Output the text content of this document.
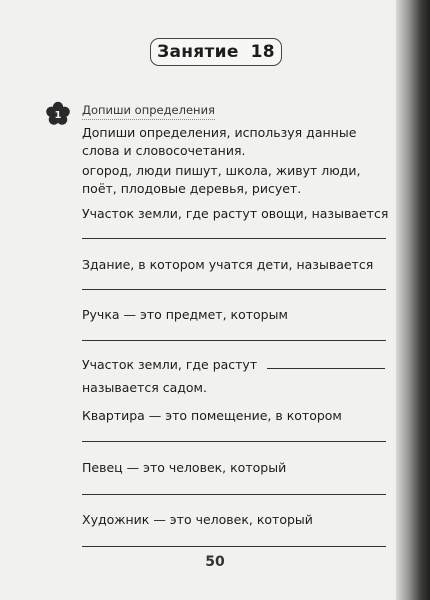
Занятие 18
1 Допиши определения
Допиши определения, используя данные слова и словосочетания.
огород, люди пишут, школа, живут люди, поёт, плодовые деревья, рисует.
Участок земли, где растут овощи, называется
Здание, в котором учатся дети, называется
Ручка — это предмет, которым
Участок земли, где растут
называется садом.
Квартира — это помещение, в котором
Певец — это человек, который
Художник — это человек, который
50
